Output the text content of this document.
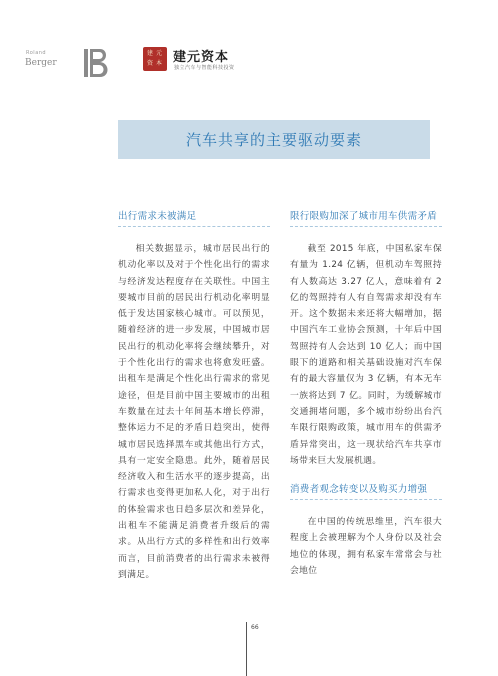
Roland
Berger
建 元
资 本 建元资本
独立汽车与智能科技投资
汽车共享的主要驱动要素
出行需求未被满足

相关数据显示，城市居民出行的机动化率以及对于个性化出行的需求与经济发达程度存在关联性。中国主要城市目前的居民出行机动化率明显低于发达国家核心城市。可以预见，随着经济的进一步发展，中国城市居民出行的机动化率将会继续攀升，对于个性化出行的需求也将愈发旺盛。出租车是满足个性化出行需求的常见途径，但是目前中国主要城市的出租车数量在过去十年间基本增长停滞，整体运力不足的矛盾日趋突出，使得城市居民选择黑车或其他出行方式，具有一定安全隐患。此外，随着居民经济收入和生活水平的逐步提高，出行需求也变得更加私人化，对于出行的体验需求也日趋多层次和差异化，出租车不能满足消费者升级后的需求。从出行方式的多样性和出行效率而言，目前消费者的出行需求未被得到满足。

限行限购加深了城市用车供需矛盾

截至 2015 年底，中国私家车保有量为 1.24 亿辆，但机动车驾照持有人数高达 3.27 亿人，意味着有 2 亿的驾照持有人有自驾需求却没有车开。这个数据未来还将大幅增加，据中国汽车工业协会预测，十年后中国驾照持有人会达到 10 亿人；而中国眼下的道路和相关基础设施对汽车保有的最大容量仅为 3 亿辆，有本无车一族将达到 7 亿。同时，为缓解城市交通拥堵问题，多个城市纷纷出台汽车限行限购政策，城市用车的供需矛盾异常突出，这一现状给汽车共享市场带来巨大发展机遇。

消费者观念转变以及购买力增强

在中国的传统思维里，汽车很大程度上会被理解为个人身份以及社会地位的体现，拥有私家车常常会与社会地位

66
